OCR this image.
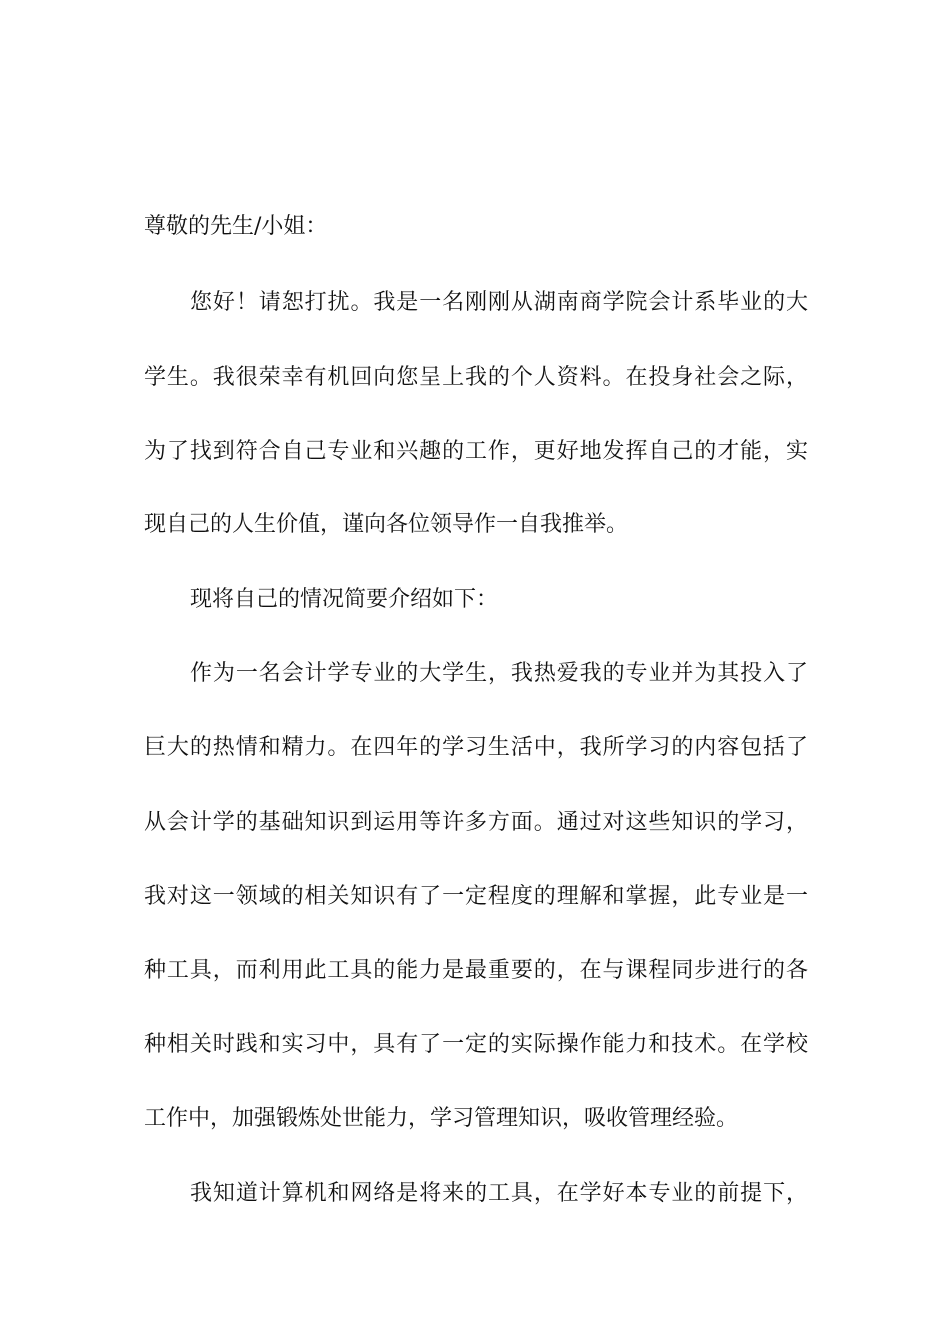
尊敬的先生/小姐：
您好！请恕打扰。我是一名刚刚从湖南商学院会计系毕业的大
学生。我很荣幸有机回向您呈上我的个人资料。在投身社会之际，
为了找到符合自己专业和兴趣的工作，更好地发挥自己的才能，实
现自己的人生价值，谨向各位领导作一自我推举。
现将自己的情况简要介绍如下：
作为一名会计学专业的大学生，我热爱我的专业并为其投入了
巨大的热情和精力。在四年的学习生活中，我所学习的内容包括了
从会计学的基础知识到运用等许多方面。通过对这些知识的学习，
我对这一领域的相关知识有了一定程度的理解和掌握，此专业是一
种工具，而利用此工具的能力是最重要的，在与课程同步进行的各
种相关时践和实习中，具有了一定的实际操作能力和技术。在学校
工作中，加强锻炼处世能力，学习管理知识，吸收管理经验。
我知道计算机和网络是将来的工具，在学好本专业的前提下，
